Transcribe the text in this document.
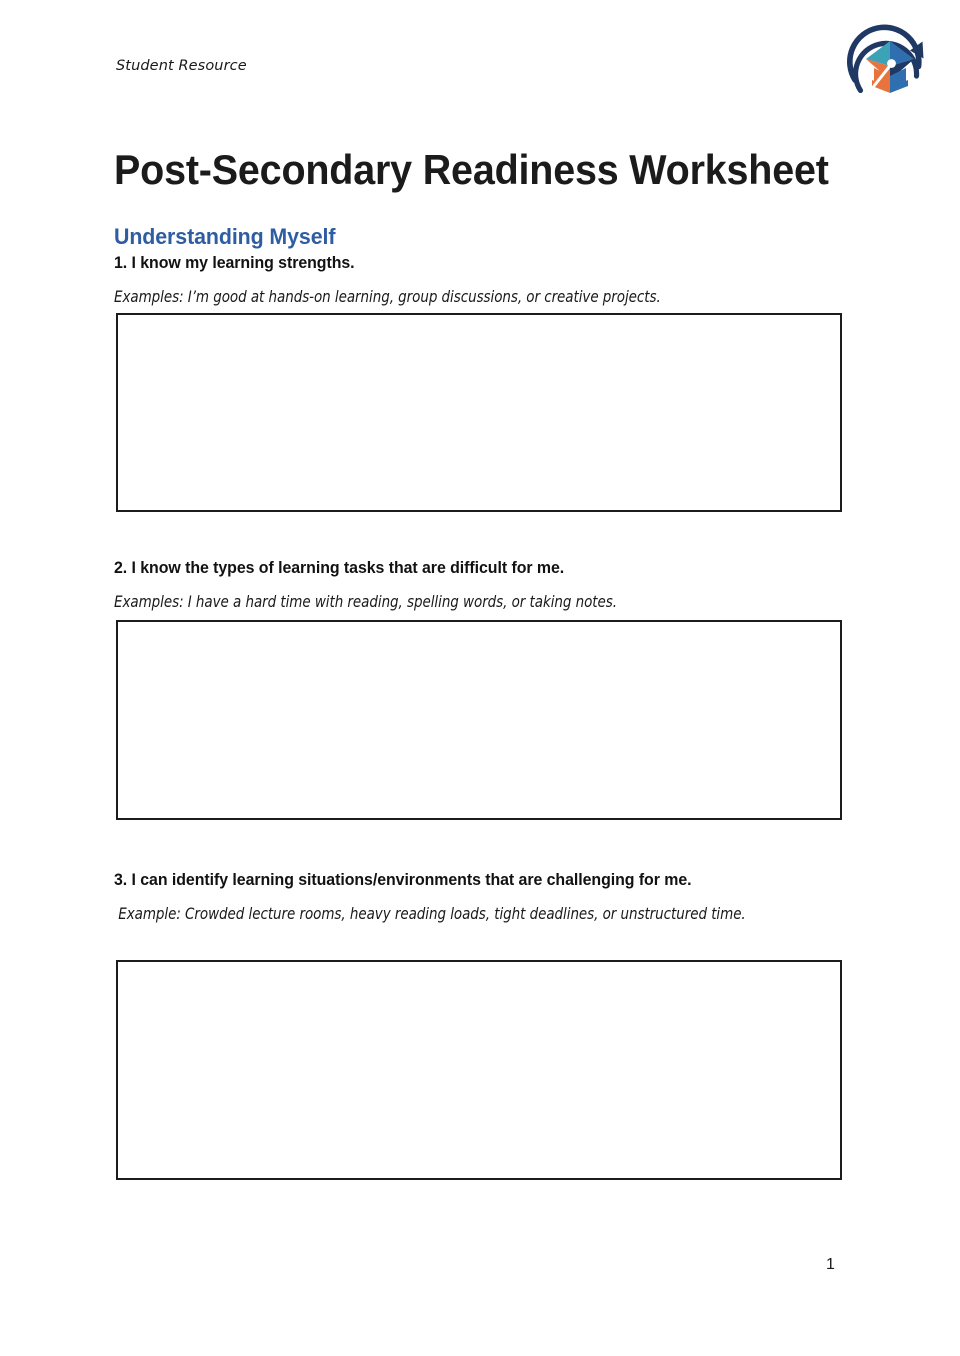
Student Resource
Post-Secondary Readiness Worksheet
Understanding Myself
1. I know my learning strengths.
Examples: I’m good at hands-on learning, group discussions, or creative projects.
2. I know the types of learning tasks that are difficult for me.
Examples: I have a hard time with reading, spelling words, or taking notes.
3. I can identify learning situations/environments that are challenging for me.
Example: Crowded lecture rooms, heavy reading loads, tight deadlines, or unstructured time.
1
